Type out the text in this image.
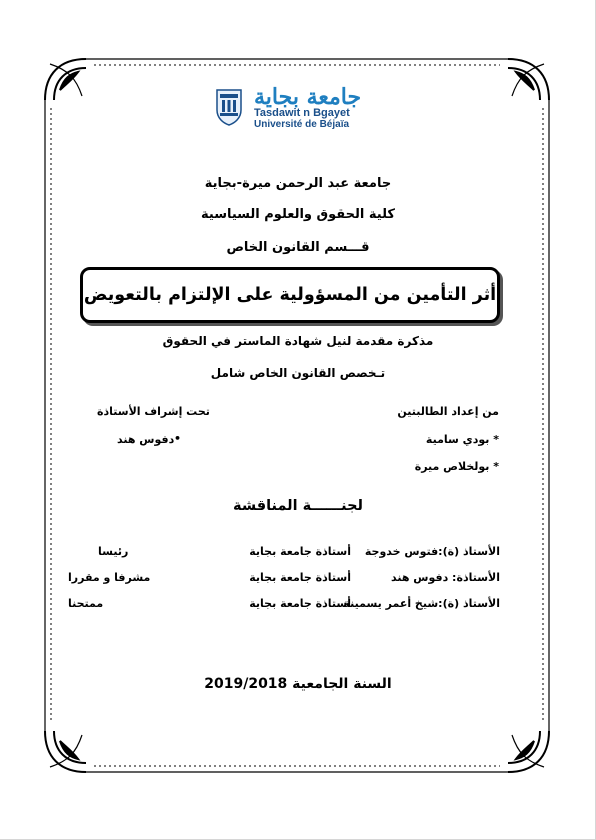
جامعة بجاية
Tasdawit n Bgayet
Université de Béjaïa
جامعة عبد الرحمن ميرة-بجاية
كلية الحقوق والعلوم السياسية
قـــسم القانون الخاص
أثر التأمين من المسؤولية على الإلتزام بالتعويض
مذكرة مقدمة لنيل شهادة الماستر في الحقوق
تـخصص القانون الخاص شامل
من إعداد الطالبتين
* بودي سامية
* بولخلاص ميرة
تحت إشراف الأستاذة
•
دفوس هند
لجنــــــة المناقشة
الأستاذ (ة):فتوس خدوجة
أستاذة جامعة بجاية
رئيسا
الأستاذة: دفوس هند
أستاذة جامعة بجاية
مشرفا و مقررا
الأستاذ (ة):شيخ أعمر يسمينة
أستاذة جامعة بجاية
ممتحنا
السنة الجامعية 2019/2018
